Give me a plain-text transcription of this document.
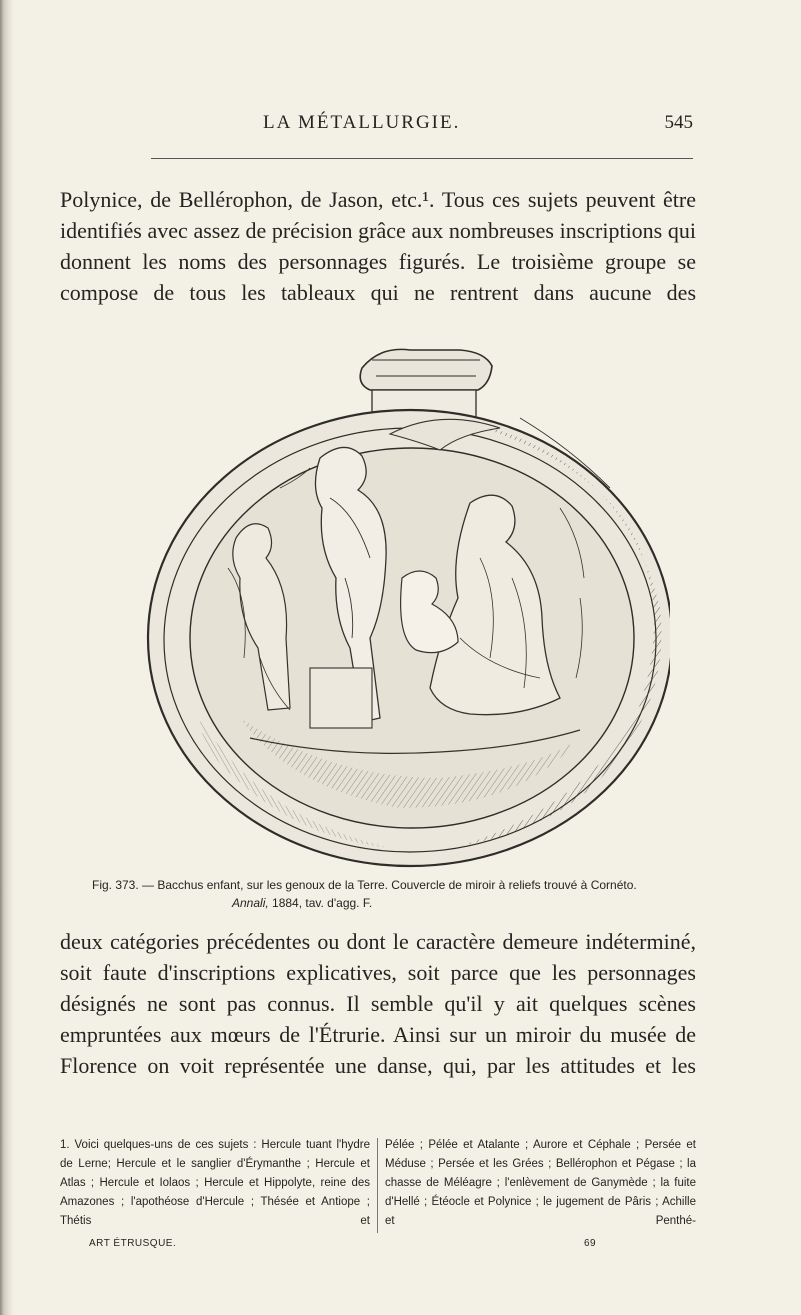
LA MÉTALLURGIE.	545

Polynice, de Bellérophon, de Jason, etc.¹. Tous ces sujets peuvent être identifiés avec assez de précision grâce aux nombreuses inscriptions qui donnent les noms des personnages figurés. Le troisième groupe se compose de tous les tableaux qui ne rentrent dans aucune des

Fig. 373. — Bacchus enfant, sur les genoux de la Terre. Couvercle de miroir à reliefs trouvé à Cornéto.
Annali, 1884, tav. d'agg. F.

deux catégories précédentes ou dont le caractère demeure indéterminé, soit faute d'inscriptions explicatives, soit parce que les personnages désignés ne sont pas connus. Il semble qu'il y ait quelques scènes empruntées aux mœurs de l'Étrurie. Ainsi sur un miroir du musée de Florence on voit représentée une danse, qui, par les attitudes et les

1. Voici quelques-uns de ces sujets : Hercule tuant l'hydre de Lerne; Hercule et le sanglier d'Érymanthe ; Hercule et Atlas ; Hercule et Iolaos ; Hercule et Hippolyte, reine des Amazones ; l'apothéose d'Hercule ; Thésée et Antiope ; Thétis et

Pélée ; Pélée et Atalante ; Aurore et Céphale ; Persée et Méduse ; Persée et les Grées ; Bellérophon et Pégase ; la chasse de Méléagre ; l'enlèvement de Ganymède ; la fuite d'Hellé ; Étéocle et Polynice ; le jugement de Pâris ; Achille et Penthé-

ART ÉTRUSQUE.	69
